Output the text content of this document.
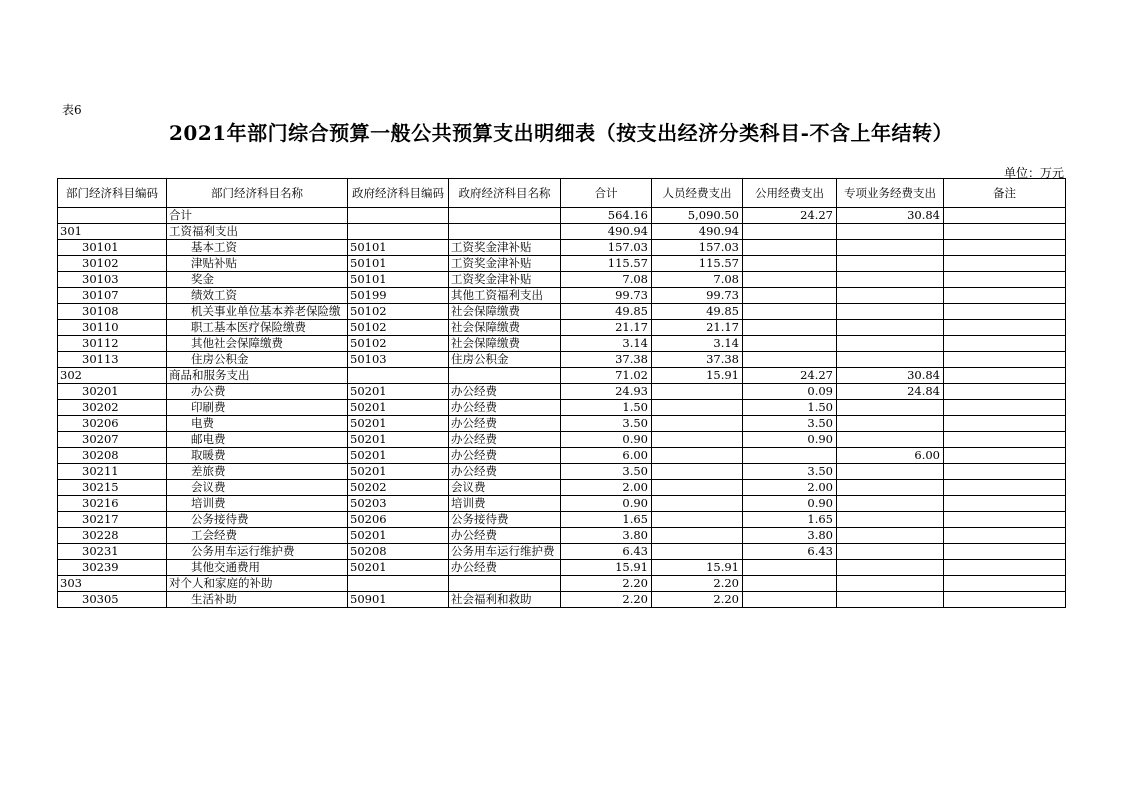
表6
2021年部门综合预算一般公共预算支出明细表（按支出经济分类科目-不含上年结转）
单位：万元
部门经济科目编码	部门经济科目名称	政府经济科目编码	政府经济科目名称	合计	人员经费支出	公用经费支出	专项业务经费支出	备注
	合计			564.16	5,090.50	24.27	30.84	
301	工资福利支出			490.94	490.94			
30101	基本工资	50101	工资奖金津补贴	157.03	157.03			
30102	津贴补贴	50101	工资奖金津补贴	115.57	115.57			
30103	奖金	50101	工资奖金津补贴	7.08	7.08			
30107	绩效工资	50199	其他工资福利支出	99.73	99.73			
30108	机关事业单位基本养老保险缴	50102	社会保障缴费	49.85	49.85			
30110	职工基本医疗保险缴费	50102	社会保障缴费	21.17	21.17			
30112	其他社会保障缴费	50102	社会保障缴费	3.14	3.14			
30113	住房公积金	50103	住房公积金	37.38	37.38			
302	商品和服务支出			71.02	15.91	24.27	30.84	
30201	办公费	50201	办公经费	24.93		0.09	24.84	
30202	印刷费	50201	办公经费	1.50		1.50		
30206	电费	50201	办公经费	3.50		3.50		
30207	邮电费	50201	办公经费	0.90		0.90		
30208	取暖费	50201	办公经费	6.00			6.00	
30211	差旅费	50201	办公经费	3.50		3.50		
30215	会议费	50202	会议费	2.00		2.00		
30216	培训费	50203	培训费	0.90		0.90		
30217	公务接待费	50206	公务接待费	1.65		1.65		
30228	工会经费	50201	办公经费	3.80		3.80		
30231	公务用车运行维护费	50208	公务用车运行维护费	6.43		6.43		
30239	其他交通费用	50201	办公经费	15.91	15.91			
303	对个人和家庭的补助			2.20	2.20			
30305	生活补助	50901	社会福利和救助	2.20	2.20			
